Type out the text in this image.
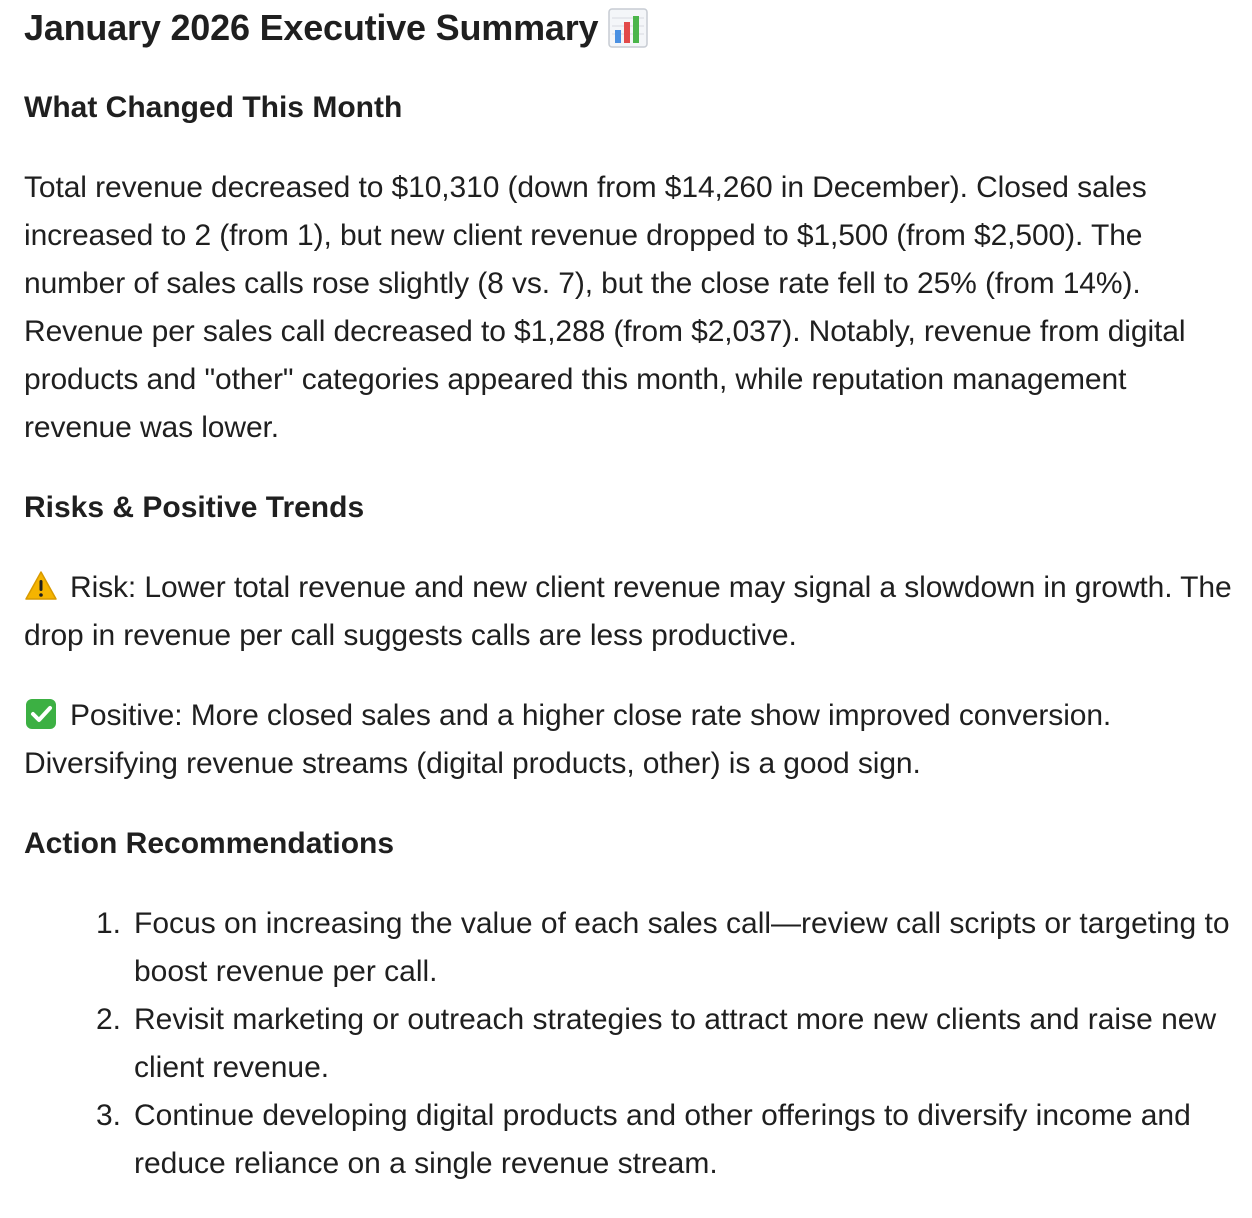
January 2026 Executive Summary
What Changed This Month

Total revenue decreased to $10,310 (down from $14,260 in December). Closed sales increased to 2 (from 1), but new client revenue dropped to $1,500 (from $2,500). The number of sales calls rose slightly (8 vs. 7), but the close rate fell to 25% (from 14%). Revenue per sales call decreased to $1,288 (from $2,037). Notably, revenue from digital products and "other" categories appeared this month, while reputation management revenue was lower.

Risks & Positive Trends

Risk: Lower total revenue and new client revenue may signal a slowdown in growth. The drop in revenue per call suggests calls are less productive.

Positive: More closed sales and a higher close rate show improved conversion. Diversifying revenue streams (digital products, other) is a good sign.

Action Recommendations
1. Focus on increasing the value of each sales call—review call scripts or targeting to boost revenue per call.
2. Revisit marketing or outreach strategies to attract more new clients and raise new client revenue.
3. Continue developing digital products and other offerings to diversify income and reduce reliance on a single revenue stream.
